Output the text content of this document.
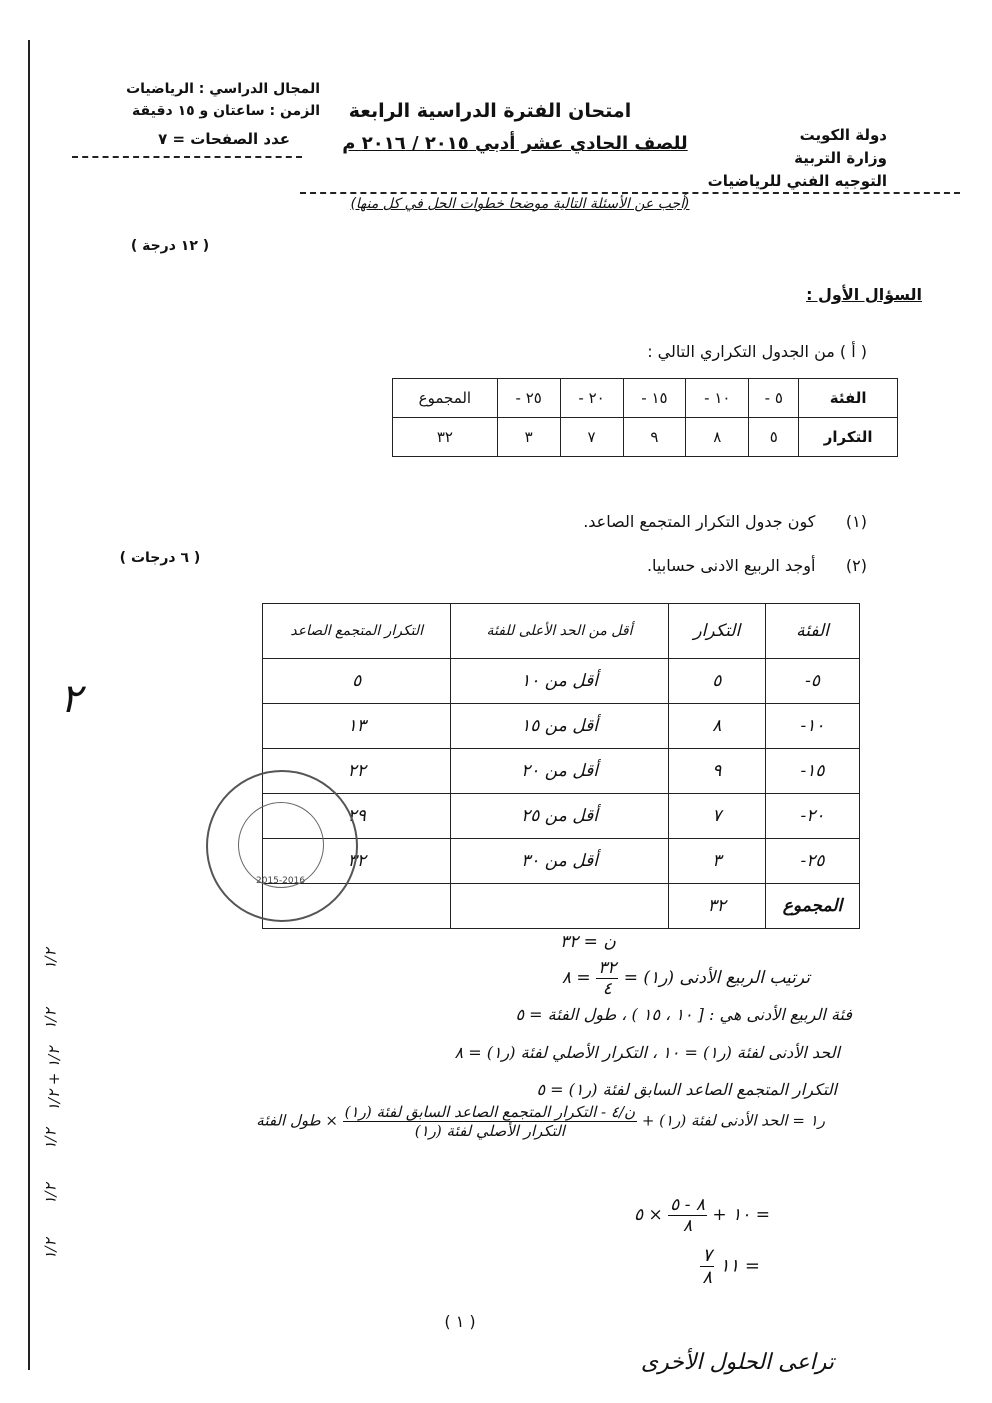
دولة الكويت
وزارة التربية
التوجيه الفني للرياضيات
امتحان الفترة الدراسية الرابعة
للصف الحادي عشر أدبي ٢٠١٥ / ٢٠١٦ م
المجال الدراسي : الرياضيات
الزمن : ساعتان و ١٥ دقيقة
عدد الصفحات = ٧
(أجب عن الأسئلة التالية موضحا خطوات الحل في كل منها)
( ١٢ درجة )
السؤال الأول :
( أ ) من الجدول التكراري التالي :
الفئة	٥ -	١٠ -	١٥ -	٢٠ -	٢٥ -	المجموع
التكرار	٥	٨	٩	٧	٣	٣٢
(١)      كون جدول التكرار المتجمع الصاعد.
(٢)      أوجد الربيع الادنى حسابيا.
( ٦ درجات )
الفئة	التكرار	أقل من الحد الأعلى للفئة	التكرار المتجمع الصاعد
٥-	٥	أقل من ١٠	٥
١٠-	٨	أقل من ١٥	١٣
١٥-	٩	أقل من ٢٠	٢٢
٢٠-	٧	أقل من ٢٥	٢٩
٢٥-	٣	أقل من ٣٠	٣٢
المجموع	٣٢		
2015-2016
٢
ن = ٣٢
ترتيب الربيع الأدنى (ر١) =
$\frac{٣٢}{٤}$
= ٨
فئة الربيع الأدنى هي : [ ١٠ ، ١٥ ) ، طول الفئة = ٥
الحد الأدنى لفئة (ر١) = ١٠ ، التكرار الأصلي لفئة (ر١) = ٨
التكرار المتجمع الصاعد السابق لفئة (ر١) = ٥
ر١ = الحد الأدنى لفئة (ر١) +
$\frac{\text{ن/٤ - التكرار المتجمع الصاعد السابق لفئة (ر١)}}{\text{التكرار الأصلي لفئة (ر١)}}$
× طول الفئة
= ١٠ +
$\frac{٨ - ٥}{٨}$
× ٥
= ١١
$\frac{٧}{٨}$
١/٢
١/٢
١/٢ + ١/٢
١/٢
١/٢
١/٢
( ١ )
تراعى الحلول الأخرى
